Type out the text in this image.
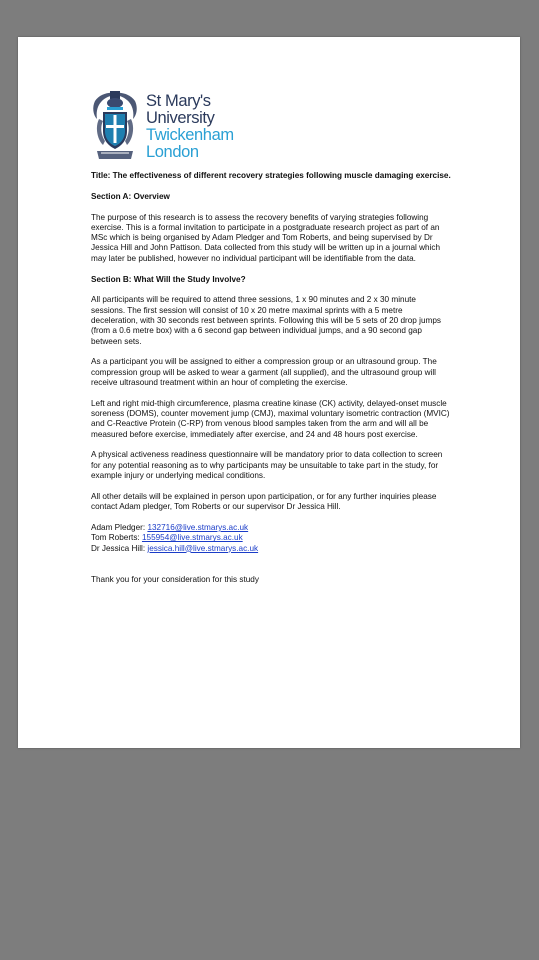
St Mary's
University
Twickenham
London

Title: The effectiveness of different recovery strategies following muscle damaging exercise.

Section A: Overview

The purpose of this research is to assess the recovery benefits of varying strategies following exercise. This is a formal invitation to participate in a postgraduate research project as part of an MSc which is being organised by Adam Pledger and Tom Roberts, and being supervised by Dr Jessica Hill and John Pattison. Data collected from this study will be written up in a journal which may later be published, however no individual participant will be identifiable from the data.

Section B: What Will the Study Involve?

All participants will be required to attend three sessions, 1 x 90 minutes and 2 x 30 minute sessions. The first session will consist of 10 x 20 metre maximal sprints with a 5 metre deceleration, with 30 seconds rest between sprints. Following this will be 5 sets of 20 drop jumps (from a 0.6 metre box) with a 6 second gap between individual jumps, and a 90 second gap between sets.

As a participant you will be assigned to either a compression group or an ultrasound group. The compression group will be asked to wear a garment (all supplied), and the ultrasound group will receive ultrasound treatment within an hour of completing the exercise.

Left and right mid-thigh circumference, plasma creatine kinase (CK) activity, delayed-onset muscle soreness (DOMS), counter movement jump (CMJ), maximal voluntary isometric contraction (MVIC) and C-Reactive Protein (C-RP) from venous blood samples taken from the arm and will all be measured before exercise, immediately after exercise, and 24 and 48 hours post exercise.

A physical activeness readiness questionnaire will be mandatory prior to data collection to screen for any potential reasoning as to why participants may be unsuitable to take part in the study, for example injury or underlying medical conditions.

All other details will be explained in person upon participation, or for any further inquiries please contact Adam pledger, Tom Roberts or our supervisor Dr Jessica Hill.

Adam Pledger: 132716@live.stmarys.ac.uk

Tom Roberts: 155954@live.stmarys.ac.uk

Dr Jessica Hill: jessica.hill@live.stmarys.ac.uk

Thank you for your consideration for this study
